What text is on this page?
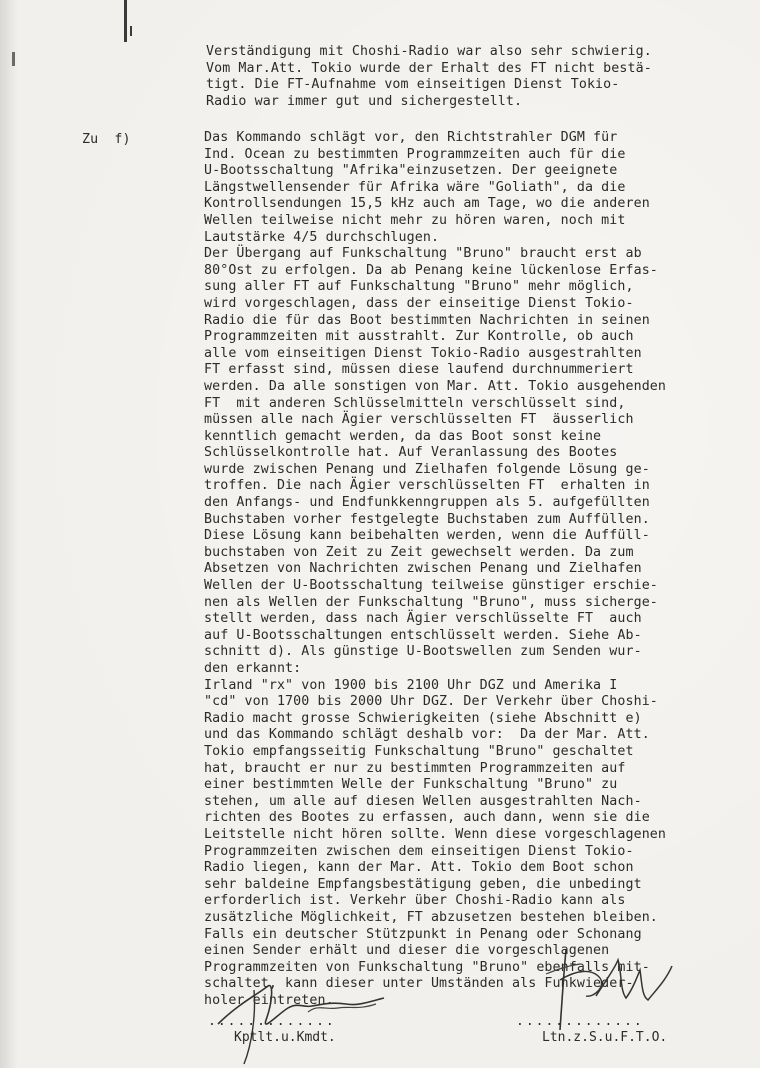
Verständigung mit Choshi-Radio war also sehr schwierig.
Vom Mar.Att. Tokio wurde der Erhalt des FT nicht bestä-
tigt. Die FT-Aufnahme vom einseitigen Dienst Tokio-
Radio war immer gut und sichergestellt.
Zu  f)	Das Kommando schlägt vor, den Richtstrahler DGM für
Ind. Ocean zu bestimmten Programmzeiten auch für die
U-Bootsschaltung "Afrika"einzusetzen. Der geeignete
Längstwellensender für Afrika wäre "Goliath", da die
Kontrollsendungen 15,5 kHz auch am Tage, wo die anderen
Wellen teilweise nicht mehr zu hören waren, noch mit
Lautstärke 4/5 durchschlugen.
Der Übergang auf Funkschaltung "Bruno" braucht erst ab
80°Ost zu erfolgen. Da ab Penang keine lückenlose Erfas-
sung aller FT auf Funkschaltung "Bruno" mehr möglich,
wird vorgeschlagen, dass der einseitige Dienst Tokio-
Radio die für das Boot bestimmten Nachrichten in seinen
Programmzeiten mit ausstrahlt. Zur Kontrolle, ob auch
alle vom einseitigen Dienst Tokio-Radio ausgestrahlten
FT erfasst sind, müssen diese laufend durchnummeriert
werden. Da alle sonstigen von Mar. Att. Tokio ausgehenden
FT  mit anderen Schlüsselmitteln verschlüsselt sind,
müssen alle nach Ägier verschlüsselten FT  äusserlich
kenntlich gemacht werden, da das Boot sonst keine
Schlüsselkontrolle hat. Auf Veranlassung des Bootes
wurde zwischen Penang und Zielhafen folgende Lösung ge-
troffen. Die nach Ägier verschlüsselten FT  erhalten in
den Anfangs- und Endfunkkenngruppen als 5. aufgefüllten
Buchstaben vorher festgelegte Buchstaben zum Auffüllen.
Diese Lösung kann beibehalten werden, wenn die Auffüll-
buchstaben von Zeit zu Zeit gewechselt werden. Da zum
Absetzen von Nachrichten zwischen Penang und Zielhafen
Wellen der U-Bootsschaltung teilweise günstiger erschie-
nen als Wellen der Funkschaltung "Bruno", muss sicherge-
stellt werden, dass nach Ägier verschlüsselte FT  auch
auf U-Bootsschaltungen entschlüsselt werden. Siehe Ab-
schnitt d). Als günstige U-Bootswellen zum Senden wur-
den erkannt:
Irland "rx" von 1900 bis 2100 Uhr DGZ und Amerika I
"cd" von 1700 bis 2000 Uhr DGZ. Der Verkehr über Choshi-
Radio macht grosse Schwierigkeiten (siehe Abschnitt e)
und das Kommando schlägt deshalb vor:  Da der Mar. Att.
Tokio empfangsseitig Funkschaltung "Bruno" geschaltet
hat, braucht er nur zu bestimmten Programmzeiten auf
einer bestimmten Welle der Funkschaltung "Bruno" zu
stehen, um alle auf diesen Wellen ausgestrahlten Nach-
richten des Bootes zu erfassen, auch dann, wenn sie die
Leitstelle nicht hören sollte. Wenn diese vorgeschlagenen
Programmzeiten zwischen dem einseitigen Dienst Tokio-
Radio liegen, kann der Mar. Att. Tokio dem Boot schon
sehr baldeine Empfangsbestätigung geben, die unbedingt
erforderlich ist. Verkehr über Choshi-Radio kann als
zusätzliche Möglichkeit, FT abzusetzen bestehen bleiben.
Falls ein deutscher Stützpunkt in Penang oder Schonang
einen Sender erhält und dieser die vorgeschlagenen
Programmzeiten von Funkschaltung "Bruno" ebenfalls mit-
schaltet, kann dieser unter Umständen als Funkwieder-
holer eintreten.
.............
Kptlt.u.Kmdt.
.............
Ltn.z.S.u.F.T.O.
